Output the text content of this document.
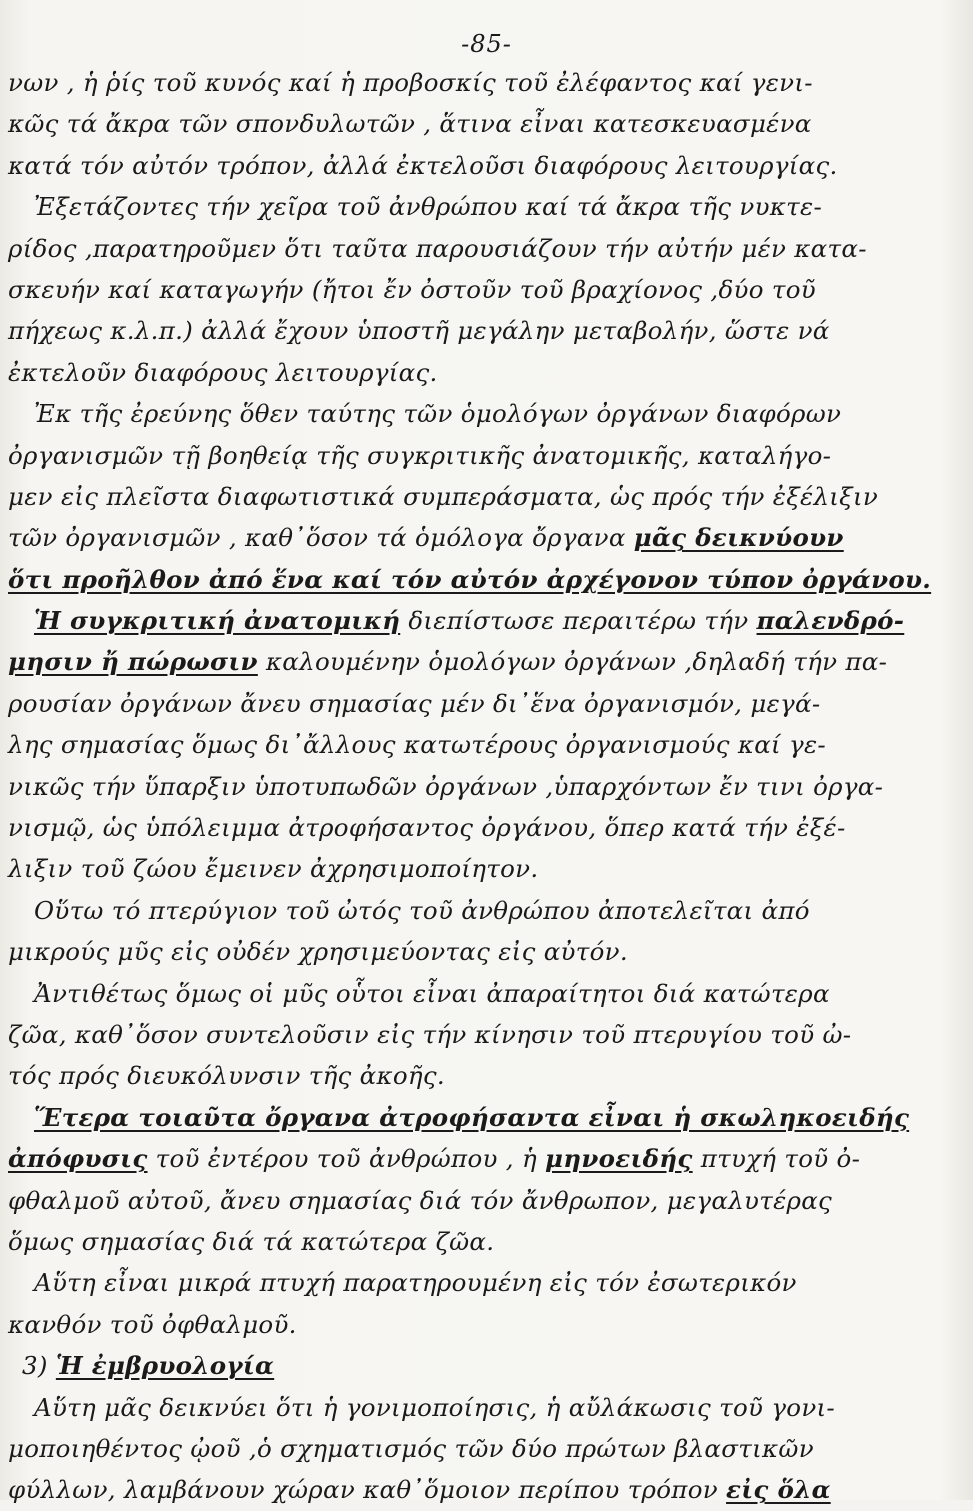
-85-
νων , ἡ ῥίς τοῦ κυνός καί ἡ προβοσκίς τοῦ ἐλέφαντος καί γενι-
κῶς τά ἄκρα τῶν σπονδυλωτῶν , ἅτινα εἶναι κατεσκευασμένα
κατά τόν αὐτόν τρόπον, ἀλλά ἐκτελοῦσι διαφόρους λειτουργίας.
Ἐξετάζοντες τήν χεῖρα τοῦ ἀνθρώπου καί τά ἄκρα τῆς νυκτε-
ρίδος ,παρατηροῦμεν ὅτι ταῦτα παρουσιάζουν τήν αὐτήν μέν κατα-
σκευήν καί καταγωγήν (ἤτοι ἔν ὀστοῦν τοῦ βραχίονος ,δύο τοῦ
πήχεως κ.λ.π.) ἀλλά ἔχουν ὑποστῆ μεγάλην μεταβολήν, ὥστε νά
ἐκτελοῦν διαφόρους λειτουργίας.
Ἐκ τῆς ἐρεύνης ὅθεν ταύτης τῶν ὁμολόγων ὀργάνων διαφόρων
ὀργανισμῶν τῇ βοηθείᾳ τῆς συγκριτικῆς ἀνατομικῆς, καταλήγο-
μεν εἰς πλεῖστα διαφωτιστικά συμπεράσματα, ὡς πρός τήν ἐξέλιξιν
τῶν ὀργανισμῶν , καθ᾽ὅσον τά ὁμόλογα ὄργανα μᾶς δεικνύουν
ὅτι προῆλθον ἀπό ἕνα καί τόν αὐτόν ἀρχέγονον τύπον ὀργάνου.
Ἡ συγκριτική ἀνατομική διεπίστωσε περαιτέρω τήν παλενδρό-
μησιν ἤ πώρωσιν καλουμένην ὁμολόγων ὀργάνων ,δηλαδή τήν πα-
ρουσίαν ὀργάνων ἄνευ σημασίας μέν δι᾽ἕνα ὀργανισμόν, μεγά-
λης σημασίας ὅμως δι᾽ἄλλους κατωτέρους ὀργανισμούς καί γε-
νικῶς τήν ὕπαρξιν ὑποτυπωδῶν ὀργάνων ,ὑπαρχόντων ἔν τινι ὀργα-
νισμῷ, ὡς ὑπόλειμμα ἀτροφήσαντος ὀργάνου, ὅπερ κατά τήν ἐξέ-
λιξιν τοῦ ζώου ἔμεινεν ἀχρησιμοποίητον.
Οὕτω τό πτερύγιον τοῦ ὠτός τοῦ ἀνθρώπου ἀποτελεῖται ἀπό
μικρούς μῦς εἰς οὐδέν χρησιμεύοντας εἰς αὐτόν.
Ἀντιθέτως ὅμως οἱ μῦς οὗτοι εἶναι ἀπαραίτητοι διά κατώτερα
ζῶα, καθ᾽ὅσον συντελοῦσιν εἰς τήν κίνησιν τοῦ πτερυγίου τοῦ ὠ-
τός πρός διευκόλυνσιν τῆς ἀκοῆς.
Ἕτερα τοιαῦτα ὄργανα ἀτροφήσαντα εἶναι ἡ σκωληκοειδής
ἀπόφυσις τοῦ ἐντέρου τοῦ ἀνθρώπου , ἡ μηνοειδής πτυχή τοῦ ὀ-
φθαλμοῦ αὐτοῦ, ἄνευ σημασίας διά τόν ἄνθρωπον, μεγαλυτέρας
ὅμως σημασίας διά τά κατώτερα ζῶα.
Αὕτη εἶναι μικρά πτυχή παρατηρουμένη εἰς τόν ἐσωτερικόν
κανθόν τοῦ ὀφθαλμοῦ.
3) Ἡ ἐμβρυολογία
Αὕτη μᾶς δεικνύει ὅτι ἡ γονιμοποίησις, ἡ αὔλάκωσις τοῦ γονι-
μοποιηθέντος ᾠοῦ ,ὁ σχηματισμός τῶν δύο πρώτων βλαστικῶν
φύλλων, λαμβάνουν χώραν καθ᾽ὅμοιον περίπου τρόπον εἰς ὅλα
